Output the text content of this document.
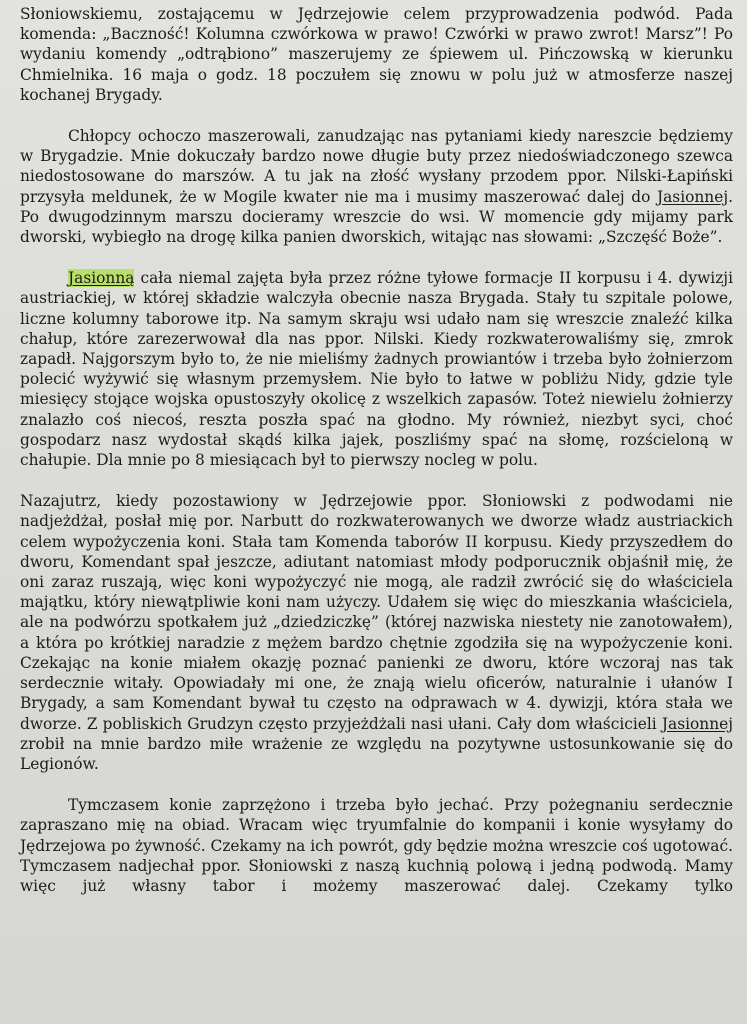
Słoniowskiemu, zostającemu w Jędrzejowie celem przyprowadzenia podwód. Pada komenda: „Baczność! Kolumna czwórkowa w prawo! Czwórki w prawo zwrot! Marsz”! Po wydaniu komendy „odtrąbiono” maszerujemy ze śpiewem ul. Pińczowską w kierunku Chmielnika. 16 maja o godz. 18 poczułem się znowu w polu już w atmosferze naszej kochanej Brygady.

Chłopcy ochoczo maszerowali, zanudzając nas pytaniami kiedy nareszcie będziemy w Brygadzie. Mnie dokuczały bardzo nowe długie buty przez niedoświadczonego szewca niedostosowane do marszów. A tu jak na złość wysłany przodem ppor. Nilski-Łapiński przysyła meldunek, że w Mogile kwater nie ma i musimy maszerować dalej do Jasionnej. Po dwugodzinnym marszu docieramy wreszcie do wsi. W momencie gdy mijamy park dworski, wybiegło na drogę kilka panien dworskich, witając nas słowami: „Szczęść Boże”.

Jasionną cała niemal zajęta była przez różne tyłowe formacje II korpusu i 4. dywizji austriackiej, w której składzie walczyła obecnie nasza Brygada. Stały tu szpitale polowe, liczne kolumny taborowe itp. Na samym skraju wsi udało nam się wreszcie znaleźć kilka chałup, które zarezerwował dla nas ppor. Nilski. Kiedy rozkwaterowaliśmy się, zmrok zapadł. Najgorszym było to, że nie mieliśmy żadnych prowiantów i trzeba było żołnierzom polecić wyżywić się własnym przemysłem. Nie było to łatwe w pobliżu Nidy, gdzie tyle miesięcy stojące wojska opustoszyły okolicę z wszelkich zapasów. Toteż niewielu żołnierzy znalazło coś niecoś, reszta poszła spać na głodno. My również, niezbyt syci, choć gospodarz nasz wydostał skądś kilka jajek, poszliśmy spać na słomę, rozścieloną w chałupie. Dla mnie po 8 miesiącach był to pierwszy nocleg w polu.

Nazajutrz, kiedy pozostawiony w Jędrzejowie ppor. Słoniowski z podwodami nie nadjeżdżał, posłał mię por. Narbutt do rozkwaterowanych we dworze władz austriackich celem wypożyczenia koni. Stała tam Komenda taborów II korpusu. Kiedy przyszedłem do dworu, Komendant spał jeszcze, adiutant natomiast młody podporucznik objaśnił mię, że oni zaraz ruszają, więc koni wypożyczyć nie mogą, ale radził zwrócić się do właściciela majątku, który niewątpliwie koni nam użyczy. Udałem się więc do mieszkania właściciela, ale na podwórzu spotkałem już „dziedziczkę” (której nazwiska niestety nie zanotowałem), a która po krótkiej naradzie z mężem bardzo chętnie zgodziła się na wypożyczenie koni. Czekając na konie miałem okazję poznać panienki ze dworu, które wczoraj nas tak serdecznie witały. Opowiadały mi one, że znają wielu oficerów, naturalnie i ułanów I Brygady, a sam Komendant bywał tu często na odprawach w 4. dywizji, która stała we dworze. Z pobliskich Grudzyn często przyjeżdżali nasi ułani. Cały dom właścicieli Jasionnej zrobił na mnie bardzo miłe wrażenie ze względu na pozytywne ustosunkowanie się do Legionów.

Tymczasem konie zaprzężono i trzeba było jechać. Przy pożegnaniu serdecznie zapraszano mię na obiad. Wracam więc tryumfalnie do kompanii i konie wysyłamy do Jędrzejowa po żywność. Czekamy na ich powrót, gdy będzie można wreszcie coś ugotować. Tymczasem nadjechał ppor. Słoniowski z naszą kuchnią polową i jedną podwodą. Mamy więc już własny tabor i możemy maszerować dalej. Czekamy tylko
